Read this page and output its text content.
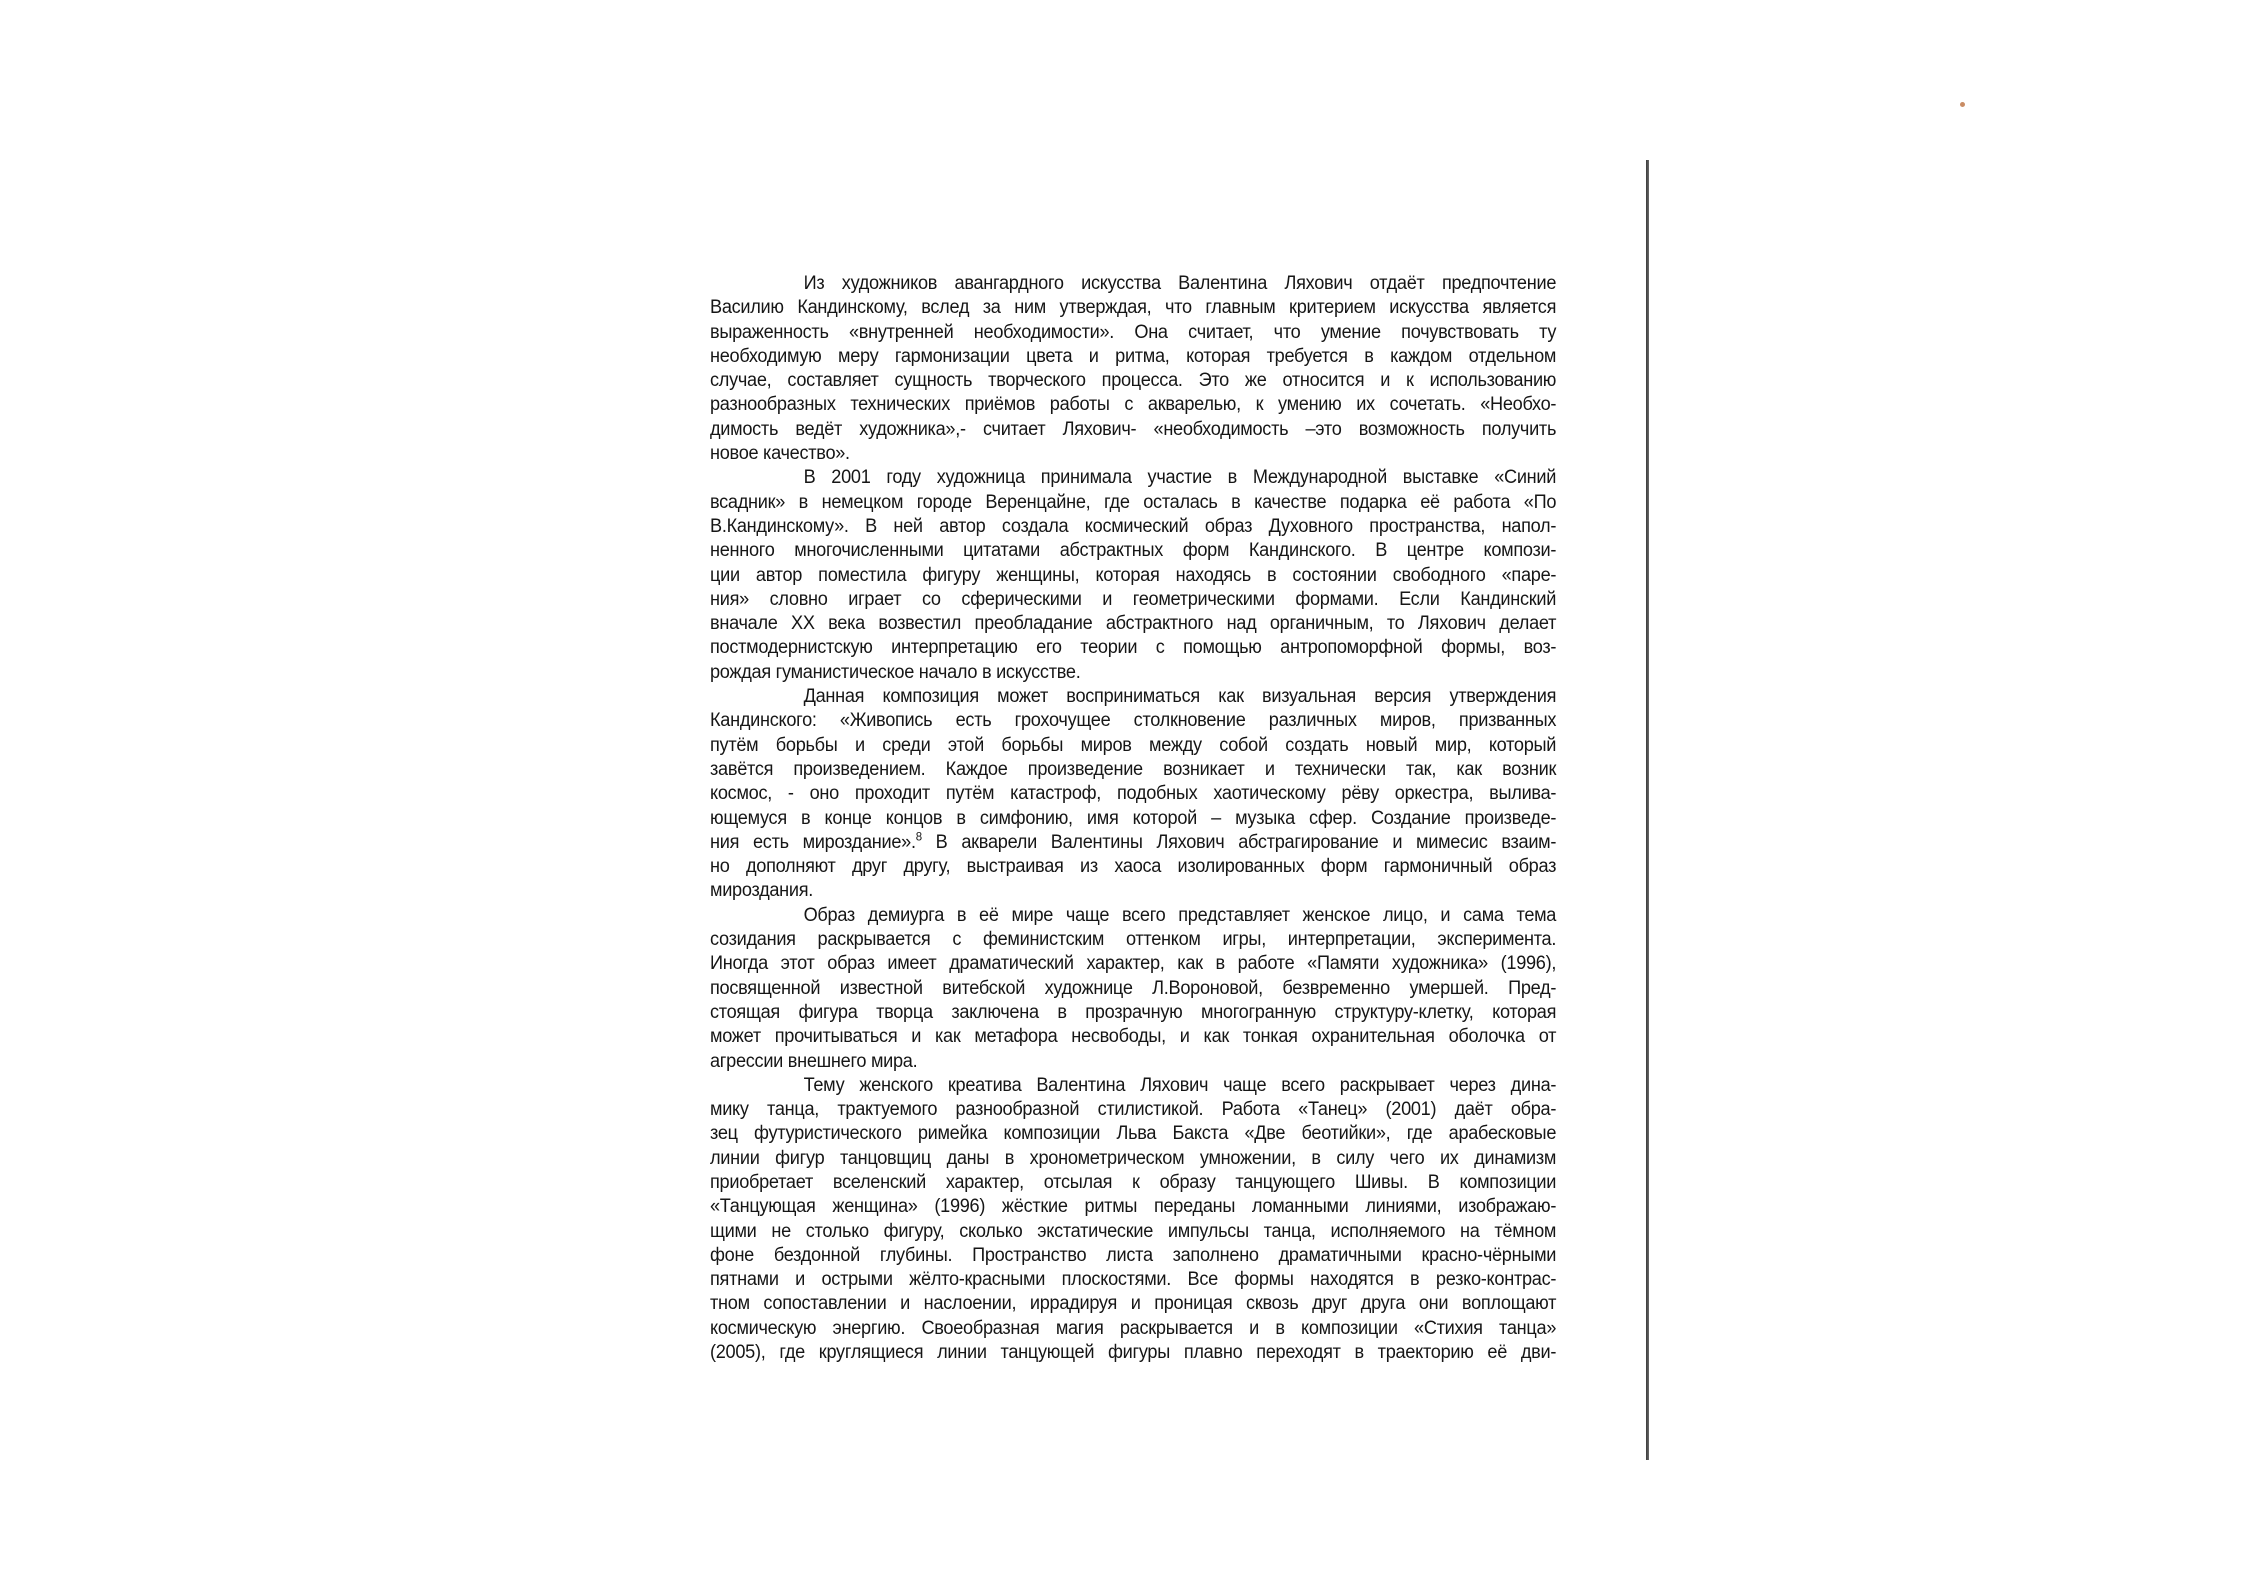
Из художников авангардного искусства Валентина Ляхович отдаёт предпочтение
Василию Кандинскому, вслед за ним утверждая, что главным критерием искусства является
выраженность «внутренней необходимости». Она считает, что умение почувствовать ту
необходимую меру гармонизации цвета и ритма, которая требуется в каждом отдельном
случае, составляет сущность творческого процесса. Это же относится и к использованию
разнообразных технических приёмов работы с акварелью, к умению их сочетать. «Необхо-
димость ведёт художника»,- считает Ляхович- «необходимость –это возможность получить
новое качество».
В 2001 году художница принимала участие в Международной выставке «Синий
всадник» в немецком городе Веренцайне, где осталась в качестве подарка её работа «По
В.Кандинскому». В ней автор создала космический образ Духовного пространства, напол-
ненного многочисленными цитатами абстрактных форм Кандинского. В центре компози-
ции автор поместила фигуру женщины, которая находясь в состоянии свободного «паре-
ния» словно играет со сферическими и геометрическими формами. Если Кандинский
вначале XX века возвестил преобладание абстрактного над органичным, то Ляхович делает
постмодернистскую интерпретацию его теории с помощью антропоморфной формы, воз-
рождая гуманистическое начало в искусстве.
Данная композиция может восприниматься как визуальная версия утверждения
Кандинского: «Живопись есть грохочущее столкновение различных миров, призванных
путём борьбы и среди этой борьбы миров между собой создать новый мир, который
завётся произведением. Каждое произведение возникает и технически так, как возник
космос, - оно проходит путём катастроф, подобных хаотическому рёву оркестра, вылива-
ющемуся в конце концов в симфонию, имя которой – музыка сфер. Создание произведе-
ния есть мироздание».$^8$ В акварели Валентины Ляхович абстрагирование и мимесис взаим-
но дополняют друг другу, выстраивая из хаоса изолированных форм гармоничный образ
мироздания.
Образ демиурга в её мире чаще всего представляет женское лицо, и сама тема
созидания раскрывается с феминистским оттенком игры, интерпретации, эксперимента.
Иногда этот образ имеет драматический характер, как в работе «Памяти художника» (1996),
посвященной известной витебской художнице Л.Вороновой, безвременно умершей. Пред-
стоящая фигура творца заключена в прозрачную многогранную структуру-клетку, которая
может прочитываться и как метафора несвободы, и как тонкая охранительная оболочка от
агрессии внешнего мира.
Тему женского креатива Валентина Ляхович чаще всего раскрывает через дина-
мику танца, трактуемого разнообразной стилистикой. Работа «Танец» (2001) даёт обра-
зец футуристического римейка композиции Льва Бакста «Две беотийки», где арабесковые
линии фигур танцовщиц даны в хронометрическом умножении, в силу чего их динамизм
приобретает вселенский характер, отсылая к образу танцующего Шивы. В композиции
«Танцующая женщина» (1996) жёсткие ритмы переданы ломанными линиями, изображаю-
щими не столько фигуру, сколько экстатические импульсы танца, исполняемого на тёмном
фоне бездонной глубины. Пространство листа заполнено драматичными красно-чёрными
пятнами и острыми жёлто-красными плоскостями. Все формы находятся в резко-контрас-
тном сопоставлении и наслоении, иррадируя и проницая сквозь друг друга они воплощают
космическую энергию. Своеобразная магия раскрывается и в композиции «Стихия танца»
(2005), где круглящиеся линии танцующей фигуры плавно переходят в траекторию её дви-
